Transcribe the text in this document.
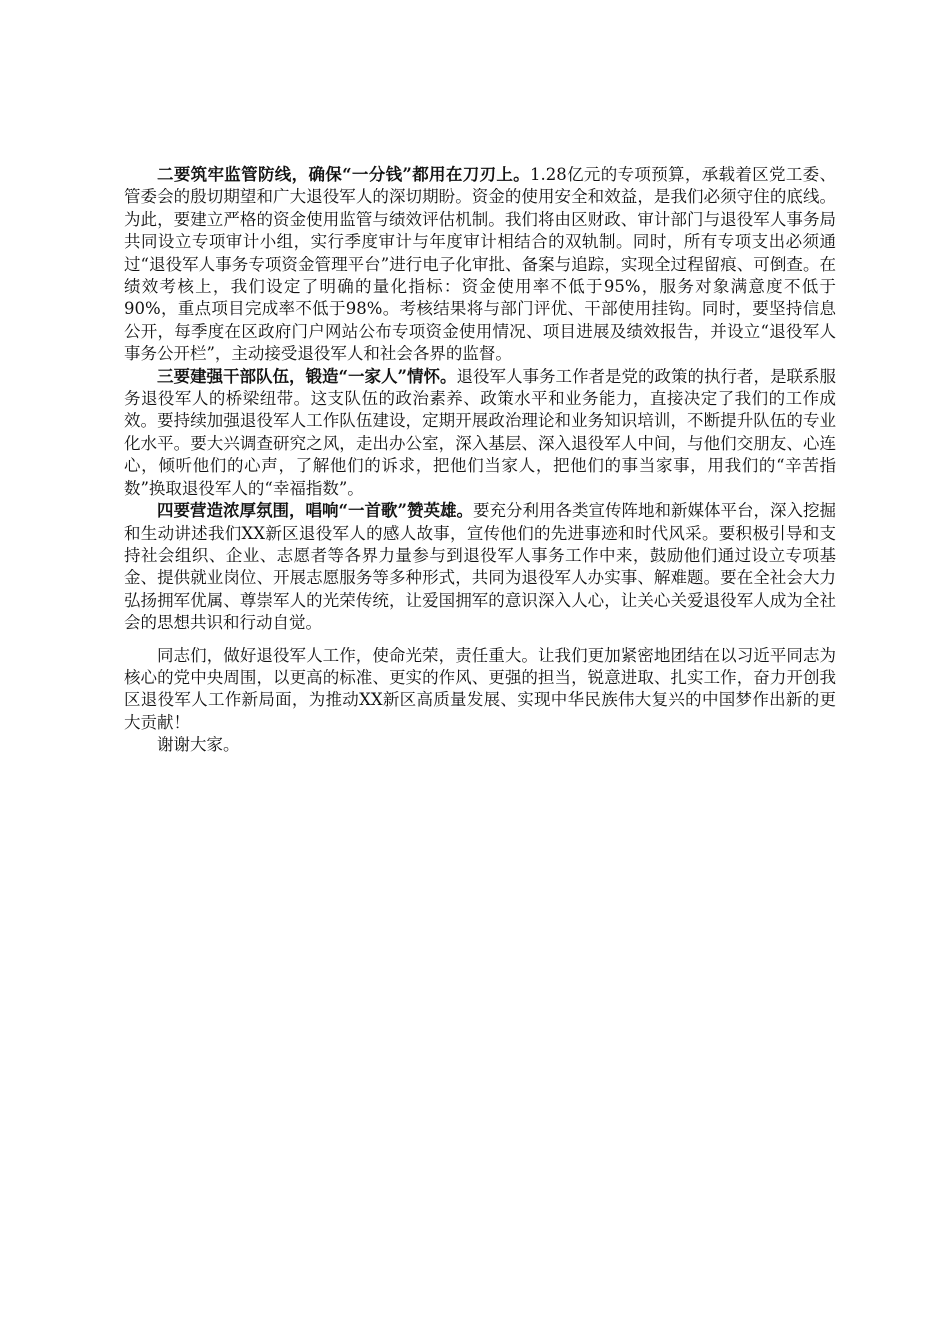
二要筑牢监管防线，确保“一分钱”都用在刀刃上。1.28亿元的专项预算，承载着区党工委、管委会的殷切期望和广大退役军人的深切期盼。资金的使用安全和效益，是我们必须守住的底线。为此，要建立严格的资金使用监管与绩效评估机制。我们将由区财政、审计部门与退役军人事务局共同设立专项审计小组，实行季度审计与年度审计相结合的双轨制。同时，所有专项支出必须通过“退役军人事务专项资金管理平台”进行电子化审批、备案与追踪，实现全过程留痕、可倒查。在绩效考核上，我们设定了明确的量化指标：资金使用率不低于95%，服务对象满意度不低于90%，重点项目完成率不低于98%。考核结果将与部门评优、干部使用挂钩。同时，要坚持信息公开，每季度在区政府门户网站公布专项资金使用情况、项目进展及绩效报告，并设立“退役军人事务公开栏”，主动接受退役军人和社会各界的监督。

三要建强干部队伍，锻造“一家人”情怀。退役军人事务工作者是党的政策的执行者，是联系服务退役军人的桥梁纽带。这支队伍的政治素养、政策水平和业务能力，直接决定了我们的工作成效。要持续加强退役军人工作队伍建设，定期开展政治理论和业务知识培训，不断提升队伍的专业化水平。要大兴调查研究之风，走出办公室，深入基层、深入退役军人中间，与他们交朋友、心连心，倾听他们的心声，了解他们的诉求，把他们当家人，把他们的事当家事，用我们的“辛苦指数”换取退役军人的“幸福指数”。

四要营造浓厚氛围，唱响“一首歌”赞英雄。要充分利用各类宣传阵地和新媒体平台，深入挖掘和生动讲述我们XX新区退役军人的感人故事，宣传他们的先进事迹和时代风采。要积极引导和支持社会组织、企业、志愿者等各界力量参与到退役军人事务工作中来，鼓励他们通过设立专项基金、提供就业岗位、开展志愿服务等多种形式，共同为退役军人办实事、解难题。要在全社会大力弘扬拥军优属、尊崇军人的光荣传统，让爱国拥军的意识深入人心，让关心关爱退役军人成为全社会的思想共识和行动自觉。

同志们，做好退役军人工作，使命光荣，责任重大。让我们更加紧密地团结在以习近平同志为核心的党中央周围，以更高的标准、更实的作风、更强的担当，锐意进取、扎实工作，奋力开创我区退役军人工作新局面，为推动XX新区高质量发展、实现中华民族伟大复兴的中国梦作出新的更大贡献！

谢谢大家。
